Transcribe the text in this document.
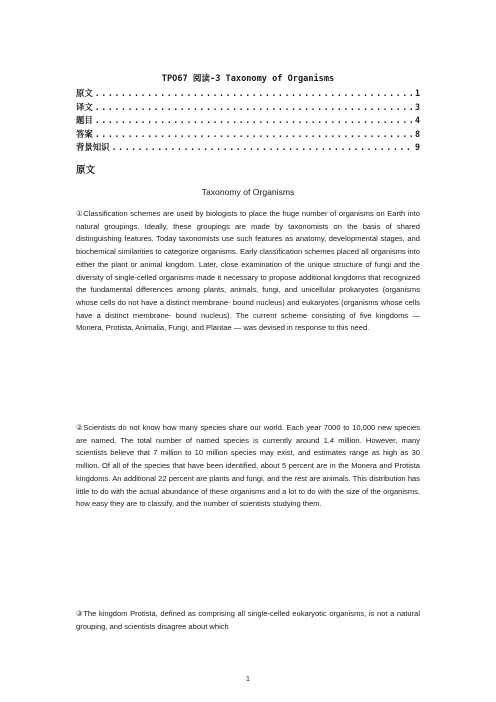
TPO67 阅读-3 Taxonomy of Organisms
原文 .....	1
译文 .....	3
题目 .....	4
答案 .....	8
背景知识 .....	9
原文
Taxonomy of Organisms

①Classification schemes are used by biologists to place the huge number of organisms on Earth into natural groupings. Ideally, these groupings are made by taxonomists on the basis of shared distinguishing features. Today taxonomists use such features as anatomy, developmental stages, and biochemical similarities to categorize organisms. Early classification schemes placed all organisms into either the plant or animal kingdom. Later, close examination of the unique structure of fungi and the diversity of single-celled organisms made it necessary to propose additional kingdoms that recognized the fundamental differences among plants, animals, fungi, and unicellular prokaryotes (organisms whose cells do not have a distinct membrane- bound nucleus) and eukaryotes (organisms whose cells have a distinct membrane- bound nucleus). The current scheme consisting of five kingdoms — Monera, Protista, Animalia, Fungi, and Plantae — was devised in response to this need.

②Scientists do not know how many species share our world. Each year 7000 to 10,000 new species are named. The total number of named species is currently around 1.4 million. However, many scientists believe that 7 million to 10 million species may exist, and estimates range as high as 30 million. Of all of the species that have been identified, about 5 percent are in the Monera and Protista kingdoms. An additional 22 percent are plants and fungi, and the rest are animals. This distribution has little to do with the actual abundance of these organisms and a lot to do with the size of the organisms, how easy they are to classify, and the number of scientists studying them.

③The kingdom Protista, defined as comprising all single-celled eukaryotic organisms, is not a natural grouping, and scientists disagree about which

1
